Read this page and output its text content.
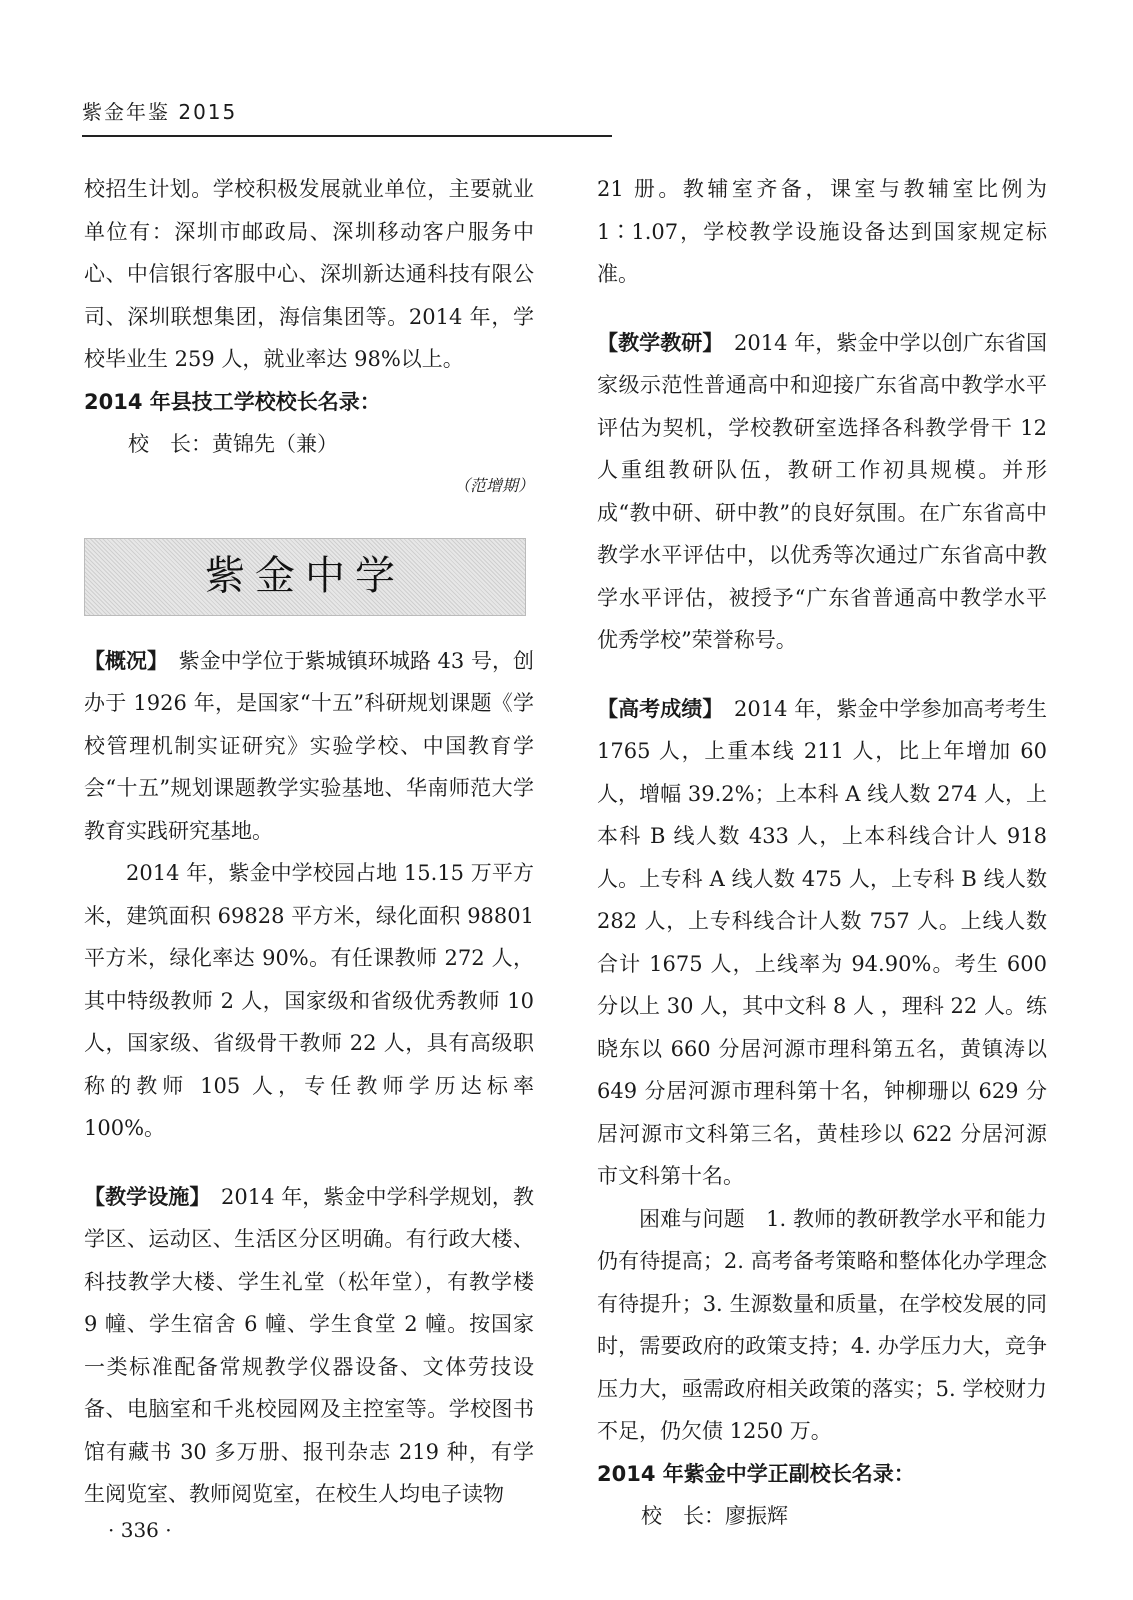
紫金年鉴 2015

校招生计划。学校积极发展就业单位，主要就业单位有：深圳市邮政局、深圳移动客户服务中心、中信银行客服中心、深圳新达通科技有限公司、深圳联想集团，海信集团等。2014 年，学校毕业生 259 人，就业率达 98%以上。

2014 年县技工学校校长名录：

校　长：黄锦先（兼）

（范增期）
紫金中学

【概况】　 紫金中学位于紫城镇环城路 43 号，创办于 1926 年，是国家“十五”科研规划课题《学校管理机制实证研究》实验学校、中国教育学会“十五”规划课题教学实验基地、华南师范大学教育实践研究基地。

2014 年，紫金中学校园占地 15.15 万平方米，建筑面积 69828 平方米，绿化面积 98801 平方米，绿化率达 90%。有任课教师 272 人，其中特级教师 2 人，国家级和省级优秀教师 10 人，国家级、省级骨干教师 22 人，具有高级职称的教师 105 人，专任教师学历达标率 100%。

【教学设施】　 2014 年，紫金中学科学规划，教学区、运动区、生活区分区明确。有行政大楼、科技教学大楼、学生礼堂（松年堂），有教学楼 9 幢、学生宿舍 6 幢、学生食堂 2 幢。按国家一类标准配备常规教学仪器设备、文体劳技设备、电脑室和千兆校园网及主控室等。学校图书馆有藏书 30 多万册、报刊杂志 219 种，有学生阅览室、教师阅览室，在校生人均电子读物

21 册。教辅室齐备，课室与教辅室比例为 1∶1.07，学校教学设施设备达到国家规定标准。

【教学教研】　 2014 年，紫金中学以创广东省国家级示范性普通高中和迎接广东省高中教学水平评估为契机，学校教研室选择各科教学骨干 12 人重组教研队伍，教研工作初具规模。并形成“教中研、研中教”的良好氛围。在广东省高中教学水平评估中，以优秀等次通过广东省高中教学水平评估，被授予“广东省普通高中教学水平优秀学校”荣誉称号。

【高考成绩】　 2014 年，紫金中学参加高考考生 1765 人，上重本线 211 人，比上年增加 60 人，增幅 39.2%；上本科 A 线人数 274 人，上本科 B 线人数 433 人，上本科线合计人 918 人。上专科 A 线人数 475 人，上专科 B 线人数 282 人，上专科线合计人数 757 人。上线人数合计 1675 人，上线率为 94.90%。考生 600 分以上 30 人，其中文科 8 人 ，理科 22 人。练晓东以 660 分居河源市理科第五名，黄镇涛以 649 分居河源市理科第十名，钟柳珊以 629 分居河源市文科第三名，黄桂珍以 622 分居河源市文科第十名。

困难与问题　1. 教师的教研教学水平和能力仍有待提高；2. 高考备考策略和整体化办学理念有待提升；3. 生源数量和质量，在学校发展的同时，需要政府的政策支持；4. 办学压力大，竞争压力大，亟需政府相关政策的落实；5. 学校财力不足，仍欠债 1250 万。

2014 年紫金中学正副校长名录：

校　长：廖振辉

· 336 ·
